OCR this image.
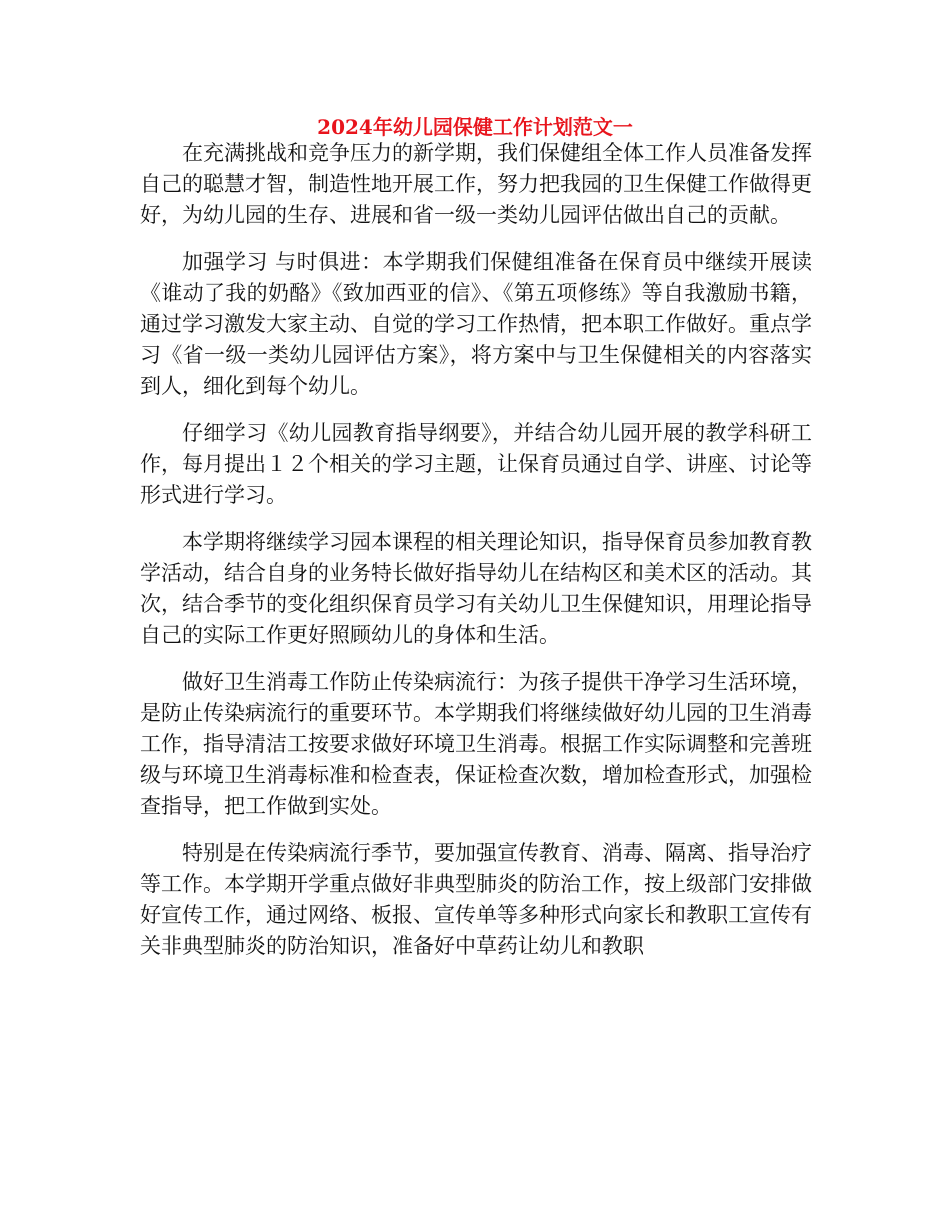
2024年幼儿园保健工作计划范文一

在充满挑战和竞争压力的新学期，我们保健组全体工作人员准备发挥自己的聪慧才智，制造性地开展工作，努力把我园的卫生保健工作做得更好，为幼儿园的生存、进展和省一级一类幼儿园评估做出自己的贡献。

加强学习 与时俱进：本学期我们保健组准备在保育员中继续开展读《谁动了我的奶酪》《致加西亚的信》、《第五项修练》等自我激励书籍，通过学习激发大家主动、自觉的学习工作热情，把本职工作做好。重点学习《省一级一类幼儿园评估方案》，将方案中与卫生保健相关的内容落实到人，细化到每个幼儿。

仔细学习《幼儿园教育指导纲要》，并结合幼儿园开展的教学科研工作，每月提出１２个相关的学习主题，让保育员通过自学、讲座、讨论等形式进行学习。

本学期将继续学习园本课程的相关理论知识，指导保育员参加教育教学活动，结合自身的业务特长做好指导幼儿在结构区和美术区的活动。其次，结合季节的变化组织保育员学习有关幼儿卫生保健知识，用理论指导自己的实际工作更好照顾幼儿的身体和生活。

做好卫生消毒工作防止传染病流行：为孩子提供干净学习生活环境，是防止传染病流行的重要环节。本学期我们将继续做好幼儿园的卫生消毒工作，指导清洁工按要求做好环境卫生消毒。根据工作实际调整和完善班级与环境卫生消毒标准和检查表，保证检查次数，增加检查形式，加强检查指导，把工作做到实处。

特别是在传染病流行季节，要加强宣传教育、消毒、隔离、指导治疗等工作。本学期开学重点做好非典型肺炎的防治工作，按上级部门安排做好宣传工作，通过网络、板报、宣传单等多种形式向家长和教职工宣传有关非典型肺炎的防治知识，准备好中草药让幼儿和教职
